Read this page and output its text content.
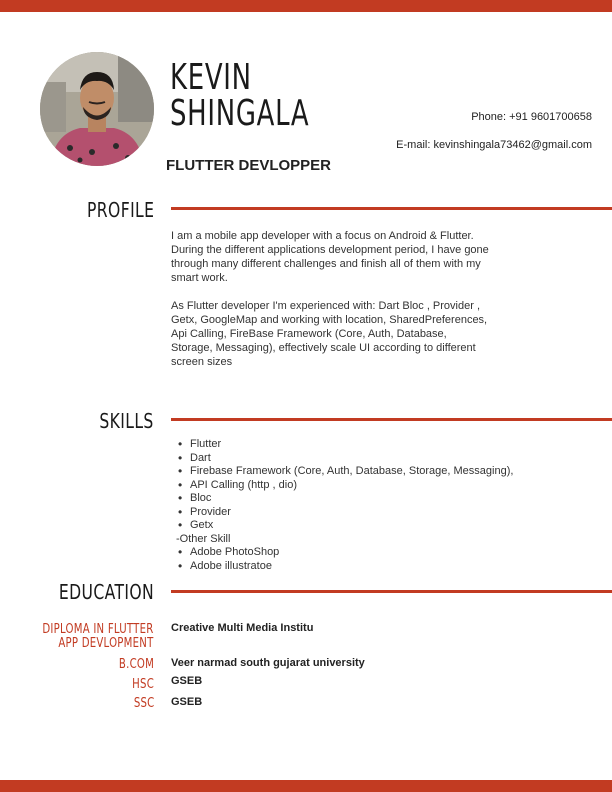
KEVIN
SHINGALA
FLUTTER DEVLOPPER
Phone: +91 9601700658
E-mail: kevinshingala73462@gmail.com
PROFILE

I am a mobile app developer with a focus on Android & Flutter. During the different applications development period, I have gone through many different challenges and finish all of them with my smart work.

As Flutter developer I'm experienced with: Dart Bloc , Provider , Getx, GoogleMap and working with location, SharedPreferences, Api Calling, FireBase Framework (Core, Auth, Database, Storage, Messaging), effectively scale UI according to different screen sizes

SKILLS
• Flutter
• Dart
• Firebase Framework (Core, Auth, Database, Storage, Messaging),
• API Calling (http , dio)
• Bloc
• Provider
• Getx
-Other Skill
• Adobe PhotoShop
• Adobe illustratoe
EDUCATION
DIPLOMA IN FLUTTER
APP DEVLOPMENT
Creative Multi Media Institu
B.COM Veer narmad south gujarat university
HSC GSEB
SSC GSEB
